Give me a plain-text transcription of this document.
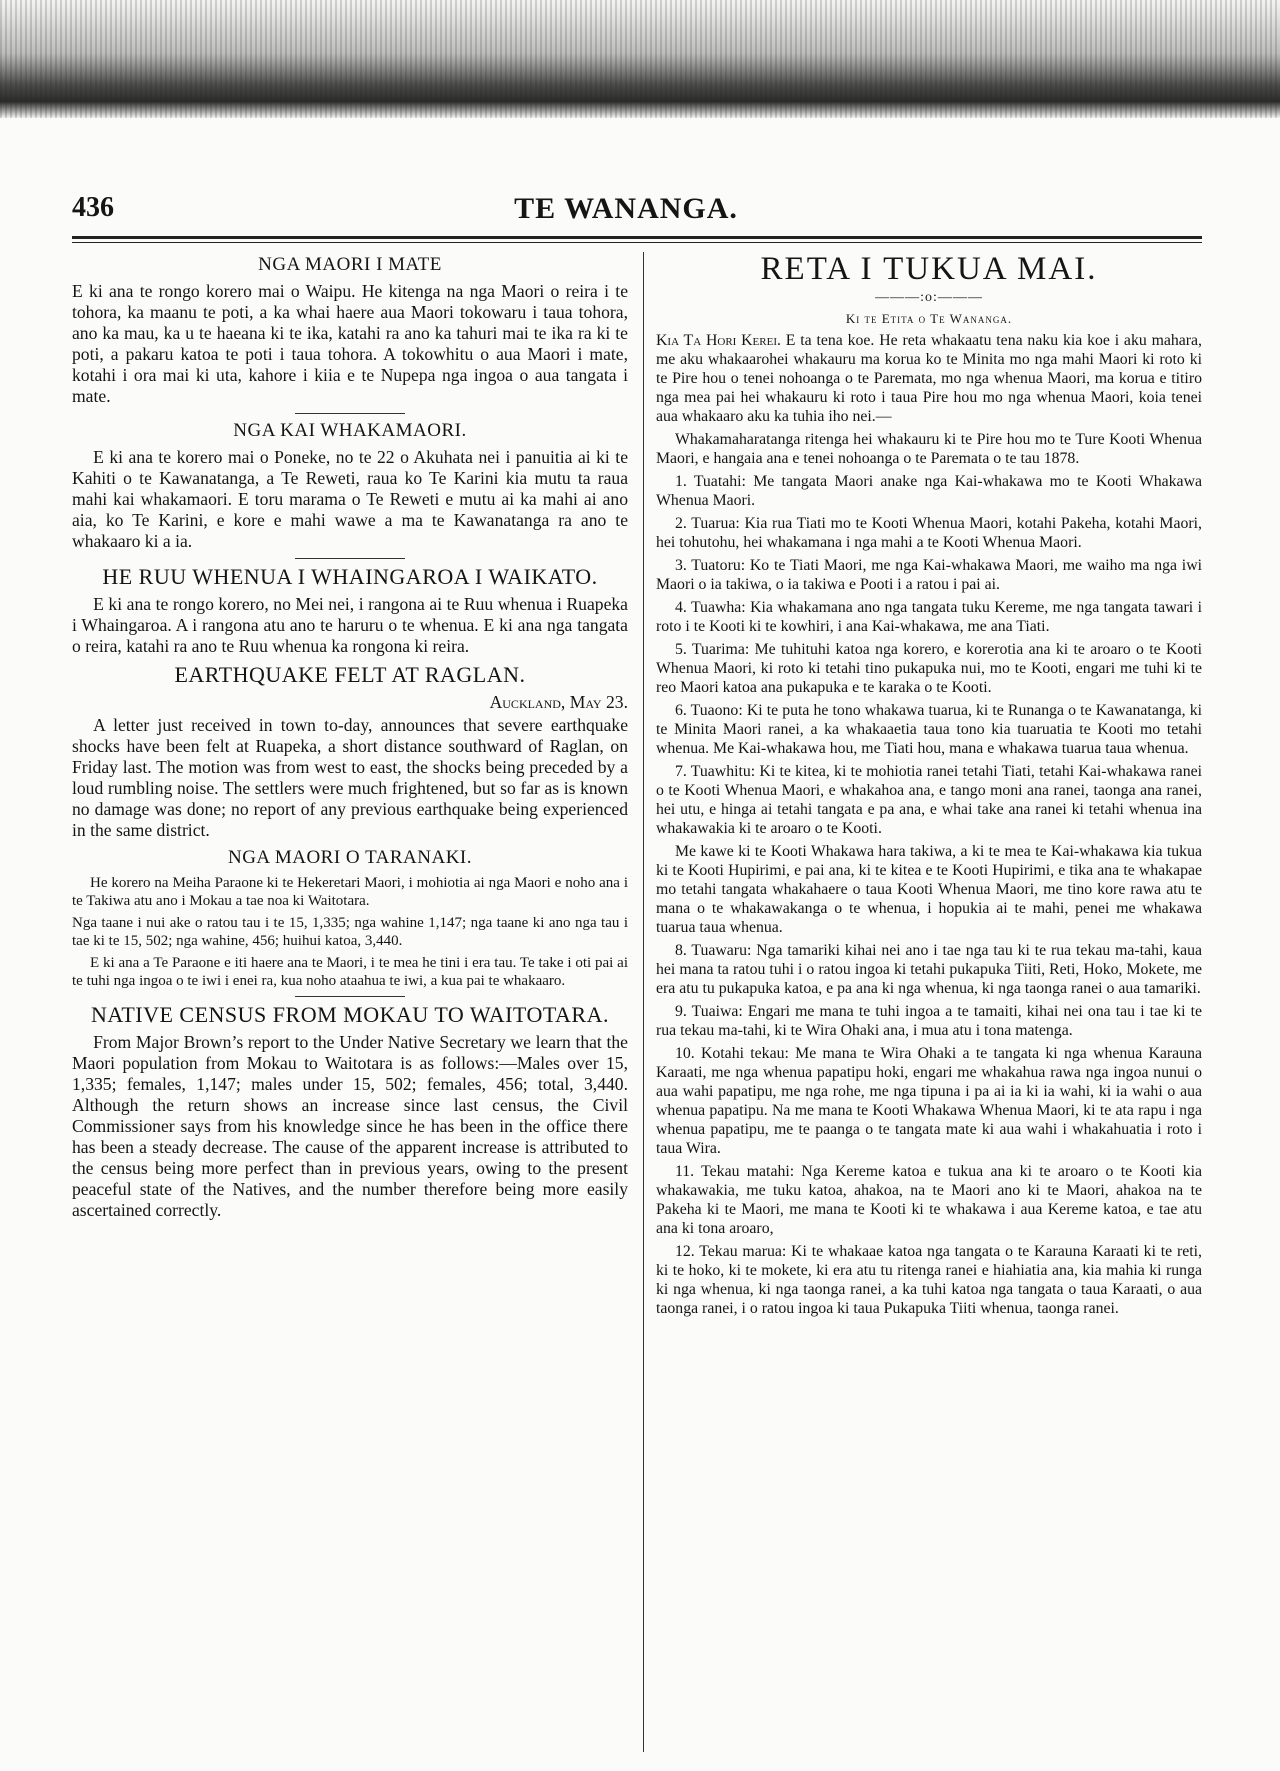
436	TE WANANGA.
NGA MAORI I MATE

E ki ana te rongo korero mai o Waipu. He kitenga na nga Maori o reira i te tohora, ka maanu te poti, a ka whai haere aua Maori tokowaru i taua tohora, ano ka mau, ka u te haeana ki te ika, katahi ra ano ka tahuri mai te ika ra ki te poti, a pakaru katoa te poti i taua tohora. A tokowhitu o aua Maori i mate, kotahi i ora mai ki uta, kahore i kiia e te Nupepa nga ingoa o aua tangata i mate.

NGA KAI WHAKAMAORI.

E ki ana te korero mai o Poneke, no te 22 o Akuhata nei i panuitia ai ki te Kahiti o te Kawanatanga, a Te Reweti, raua ko Te Karini kia mutu ta raua mahi kai whakamaori. E toru marama o Te Reweti e mutu ai ka mahi ai ano aia, ko Te Karini, e kore e mahi wawe a ma te Kawanatanga ra ano te whakaaro ki a ia.

HE RUU WHENUA I WHAINGAROA I WAIKATO.

E ki ana te rongo korero, no Mei nei, i rangona ai te Ruu whenua i Ruapeka i Whaingaroa. A i rangona atu ano te haruru o te whenua. E ki ana nga tangata o reira, katahi ra ano te Ruu whenua ka rongona ki reira.

EARTHQUAKE FELT AT RAGLAN.
Auckland, May 23.

A letter just received in town to-day, announces that severe earthquake shocks have been felt at Ruapeka, a short distance southward of Raglan, on Friday last. The motion was from west to east, the shocks being preceded by a loud rumbling noise. The settlers were much frightened, but so far as is known no damage was done; no report of any previous earthquake being experienced in the same district.

NGA MAORI O TARANAKI.

He korero na Meiha Paraone ki te Hekeretari Maori, i mohiotia ai nga Maori e noho ana i te Takiwa atu ano i Mokau a tae noa ki Waitotara.

Nga taane i nui ake o ratou tau i te 15, 1,335; nga wahine 1,147; nga taane ki ano nga tau i tae ki te 15, 502; nga wahine, 456; huihui katoa, 3,440.

E ki ana a Te Paraone e iti haere ana te Maori, i te mea he tini i era tau. Te take i oti pai ai te tuhi nga ingoa o te iwi i enei ra, kua noho ataahua te iwi, a kua pai te whakaaro.

NATIVE CENSUS FROM MOKAU TO WAITOTARA.

From Major Brown’s report to the Under Native Secretary we learn that the Maori population from Mokau to Waitotara is as follows:—Males over 15, 1,335; females, 1,147; males under 15, 502; females, 456; total, 3,440. Although the return shows an increase since last census, the Civil Commissioner says from his knowledge since he has been in the office there has been a steady decrease. The cause of the apparent increase is attributed to the census being more perfect than in previous years, owing to the present peaceful state of the Natives, and the number therefore being more easily ascertained correctly.

RETA I TUKUA MAI.
———:o:———
Ki te Etita o Te Wananga.

Kia Ta Hori Kerei. E ta tena koe. He reta whakaatu tena naku kia koe i aku mahara, me aku whakaarohei whakauru ma korua ko te Minita mo nga mahi Maori ki roto ki te Pire hou o tenei nohoanga o te Paremata, mo nga whenua Maori, ma korua e titiro nga mea pai hei whakauru ki roto i taua Pire hou mo nga whenua Maori, koia tenei aua whakaaro aku ka tuhia iho nei.—

Whakamaharatanga ritenga hei whakauru ki te Pire hou mo te Ture Kooti Whenua Maori, e hangaia ana e tenei nohoanga o te Paremata o te tau 1878.

1. Tuatahi: Me tangata Maori anake nga Kai-whakawa mo te Kooti Whakawa Whenua Maori.

2. Tuarua: Kia rua Tiati mo te Kooti Whenua Maori, kotahi Pakeha, kotahi Maori, hei tohutohu, hei whakamana i nga mahi a te Kooti Whenua Maori.

3. Tuatoru: Ko te Tiati Maori, me nga Kai-whakawa Maori, me waiho ma nga iwi Maori o ia takiwa, o ia takiwa e Pooti i a ratou i pai ai.

4. Tuawha: Kia whakamana ano nga tangata tuku Kereme, me nga tangata tawari i roto i te Kooti ki te kowhiri, i ana Kai-whakawa, me ana Tiati.

5. Tuarima: Me tuhituhi katoa nga korero, e korerotia ana ki te aroaro o te Kooti Whenua Maori, ki roto ki tetahi tino pukapuka nui, mo te Kooti, engari me tuhi ki te reo Maori katoa ana pukapuka e te karaka o te Kooti.

6. Tuaono: Ki te puta he tono whakawa tuarua, ki te Runanga o te Kawanatanga, ki te Minita Maori ranei, a ka whakaaetia taua tono kia tuaruatia te Kooti mo tetahi whenua. Me Kai-whakawa hou, me Tiati hou, mana e whakawa tuarua taua whenua.

7. Tuawhitu: Ki te kitea, ki te mohiotia ranei tetahi Tiati, tetahi Kai-whakawa ranei o te Kooti Whenua Maori, e whakahoa ana, e tango moni ana ranei, taonga ana ranei, hei utu, e hinga ai tetahi tangata e pa ana, e whai take ana ranei ki tetahi whenua ina whakawakia ki te aroaro o te Kooti.

Me kawe ki te Kooti Whakawa hara takiwa, a ki te mea te Kai-whakawa kia tukua ki te Kooti Hupirimi, e pai ana, ki te kitea e te Kooti Hupirimi, e tika ana te whakapae mo tetahi tangata whakahaere o taua Kooti Whenua Maori, me tino kore rawa atu te mana o te whakawakanga o te whenua, i hopukia ai te mahi, penei me whakawa tuarua taua whenua.

8. Tuawaru: Nga tamariki kihai nei ano i tae nga tau ki te rua tekau ma-tahi, kaua hei mana ta ratou tuhi i o ratou ingoa ki tetahi pukapuka Tiiti, Reti, Hoko, Mokete, me era atu tu pukapuka katoa, e pa ana ki nga whenua, ki nga taonga ranei o aua tamariki.

9. Tuaiwa: Engari me mana te tuhi ingoa a te tamaiti, kihai nei ona tau i tae ki te rua tekau ma-tahi, ki te Wira Ohaki ana, i mua atu i tona matenga.

10. Kotahi tekau: Me mana te Wira Ohaki a te tangata ki nga whenua Karauna Karaati, me nga whenua papatipu hoki, engari me whakahua rawa nga ingoa nunui o aua wahi papatipu, me nga rohe, me nga tipuna i pa ai ia ki ia wahi, ki ia wahi o aua whenua papatipu. Na me mana te Kooti Whakawa Whenua Maori, ki te ata rapu i nga whenua papatipu, me te paanga o te tangata mate ki aua wahi i whakahuatia i roto i taua Wira.

11. Tekau matahi: Nga Kereme katoa e tukua ana ki te aroaro o te Kooti kia whakawakia, me tuku katoa, ahakoa, na te Maori ano ki te Maori, ahakoa na te Pakeha ki te Maori, me mana te Kooti ki te whakawa i aua Kereme katoa, e tae atu ana ki tona aroaro,

12. Tekau marua: Ki te whakaae katoa nga tangata o te Karauna Karaati ki te reti, ki te hoko, ki te mokete, ki era atu tu ritenga ranei e hiahiatia ana, kia mahia ki runga ki nga whenua, ki nga taonga ranei, a ka tuhi katoa nga tangata o taua Karaati, o aua taonga ranei, i o ratou ingoa ki taua Pukapuka Tiiti whenua, taonga ranei.
